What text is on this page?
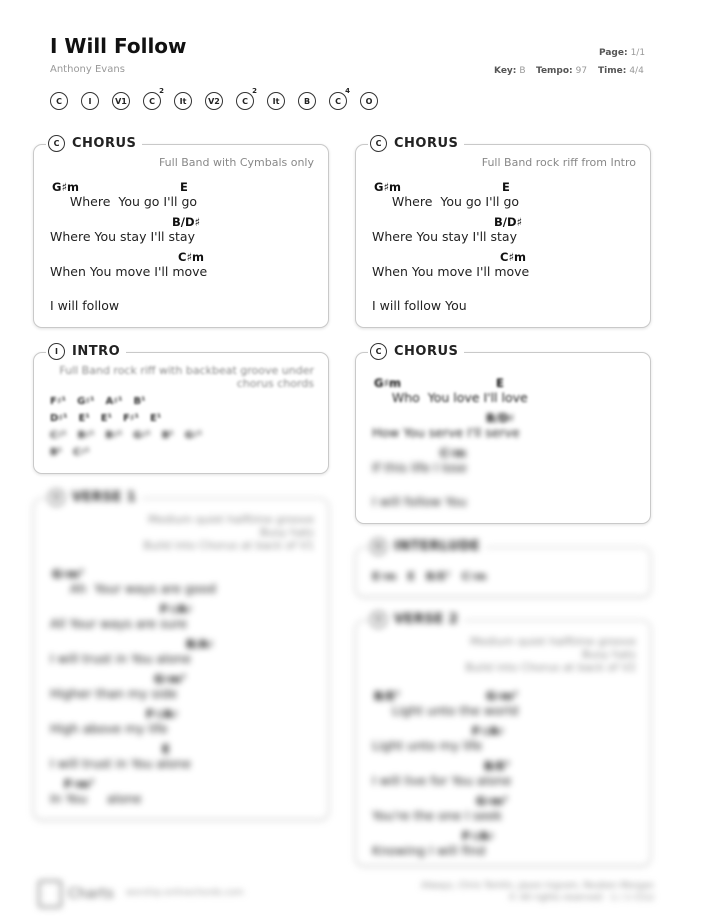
I Will Follow
Anthony Evans
Page: 1/1
Key: B Tempo: 97 Time: 4/4
C	I	V1	C
2
It	V2	C
2
It	B	C
4
O
C CHORUS
Full Band with Cymbals only
G♯m	E
Where  You go I'll go
B/D♯
Where You stay I'll stay
C♯m
When You move I'll move
I will follow
C CHORUS
Full Band rock riff from Intro
G♯m	E
Where  You go I'll go
B/D♯
Where You stay I'll stay
C♯m
When You move I'll move
I will follow You
I	INTRO
Full Band rock riff with backbeat groove under
chorus chords
F♯¹ G♯¹ A♯¹ B¹
D♯¹ E¹ E¹ F♯¹ E¹
C♯¹ B♯¹ B♯¹ G♯¹ B¹ G♯¹
B¹ C♯¹
C CHORUS
G♯m	E
Who  You love I'll love
B/D♯
How You serve I'll serve
C♯m
If this life I lose
I will follow You
V VERSE 1
Medium quiet halftime groove
Busy hats
Build into Chorus at back of V1
G♯m⁷
Ah  Your ways are good
F♯/A♯
All Your ways are sure
B/A♯
I will trust in You alone
G♯m⁷
Higher than my side
F♯/A♯
High above my life
E
I will trust in You alone
F♯m⁷
In You     alone
It INTERLUDE
E♯m E B/E⁷ C♯m
V VERSE 2
Medium quiet halftime groove
Busy hats
Build into Chorus at back of V2
B/E⁷	G♯m⁷
Light unto the world
F♯/A♯
Light unto my life
B/E⁷
I will live for You alone
G♯m⁷
You're the one I seek
F♯/A♯
Knowing I will find
Charts worship.onlinechords.com
Always, Chris Tomlin, Jason Ingram, Reuben Morgan
© All rights reserved · 1 / 1 CCLI
